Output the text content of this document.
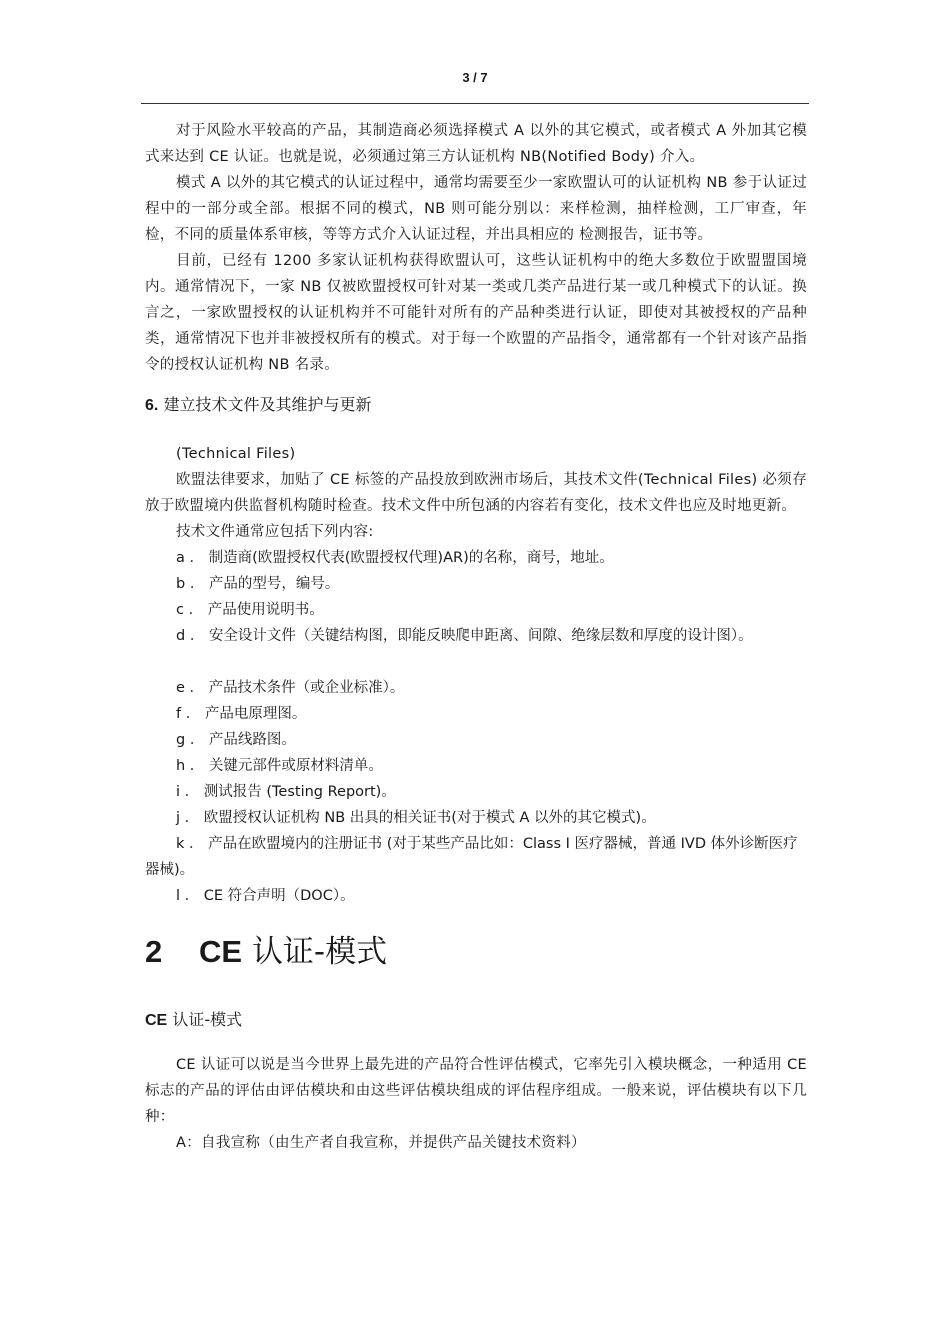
3 / 7

对于风险水平较高的产品，其制造商必须选择模式 A 以外的其它模式，或者模式 A 外加其它模式来达到 CE 认证。也就是说，必须通过第三方认证机构 NB(Notified Body) 介入。

模式 A 以外的其它模式的认证过程中，通常均需要至少一家欧盟认可的认证机构 NB 参于认证过程中的一部分或全部。根据不同的模式，NB 则可能分别以：来样检测，抽样检测，工厂审查，年检，不同的质量体系审核，等等方式介入认证过程，并出具相应的 检测报告，证书等。

目前，已经有 1200 多家认证机构获得欧盟认可，这些认证机构中的绝大多数位于欧盟盟国境内。通常情况下，一家 NB 仅被欧盟授权可针对某一类或几类产品进行某一或几种模式下的认证。换言之，一家欧盟授权的认证机构并不可能针对所有的产品种类进行认证，即使对其被授权的产品种类，通常情况下也并非被授权所有的模式。对于每一个欧盟的产品指令，通常都有一个针对该产品指令的授权认证机构 NB 名录。

6. 建立技术文件及其维护与更新

(Technical Files)

欧盟法律要求，加贴了 CE 标签的产品投放到欧洲市场后，其技术文件(Technical Files) 必须存放于欧盟境内供监督机构随时检查。技术文件中所包涵的内容若有变化，技术文件也应及时地更新。

技术文件通常应包括下列内容:

a ． 制造商(欧盟授权代表(欧盟授权代理)AR)的名称，商号，地址。
b ． 产品的型号，编号。
c ． 产品使用说明书。
d ． 安全设计文件（关键结构图，即能反映爬申距离、间隙、绝缘层数和厚度的设计图）。
e ． 产品技术条件（或企业标准）。
f ． 产品电原理图。
g ． 产品线路图。
h ． 关键元部件或原材料清单。
i ． 测试报告 (Testing Report)。
j ． 欧盟授权认证机构 NB 出具的相关证书(对于模式 A 以外的其它模式)。
k ． 产品在欧盟境内的注册证书 (对于某些产品比如：Class I 医疗器械，普通 IVD 体外诊断医疗器械)。
l ． CE 符合声明（DOC）。
2 CE 认证-模式
CE 认证-模式

CE 认证可以说是当今世界上最先进的产品符合性评估模式，它率先引入模块概念，一种适用 CE 标志的产品的评估由评估模块和由这些评估模块组成的评估程序组成。一般来说，评估模块有以下几种：

A：自我宣称（由生产者自我宣称，并提供产品关键技术资料）
